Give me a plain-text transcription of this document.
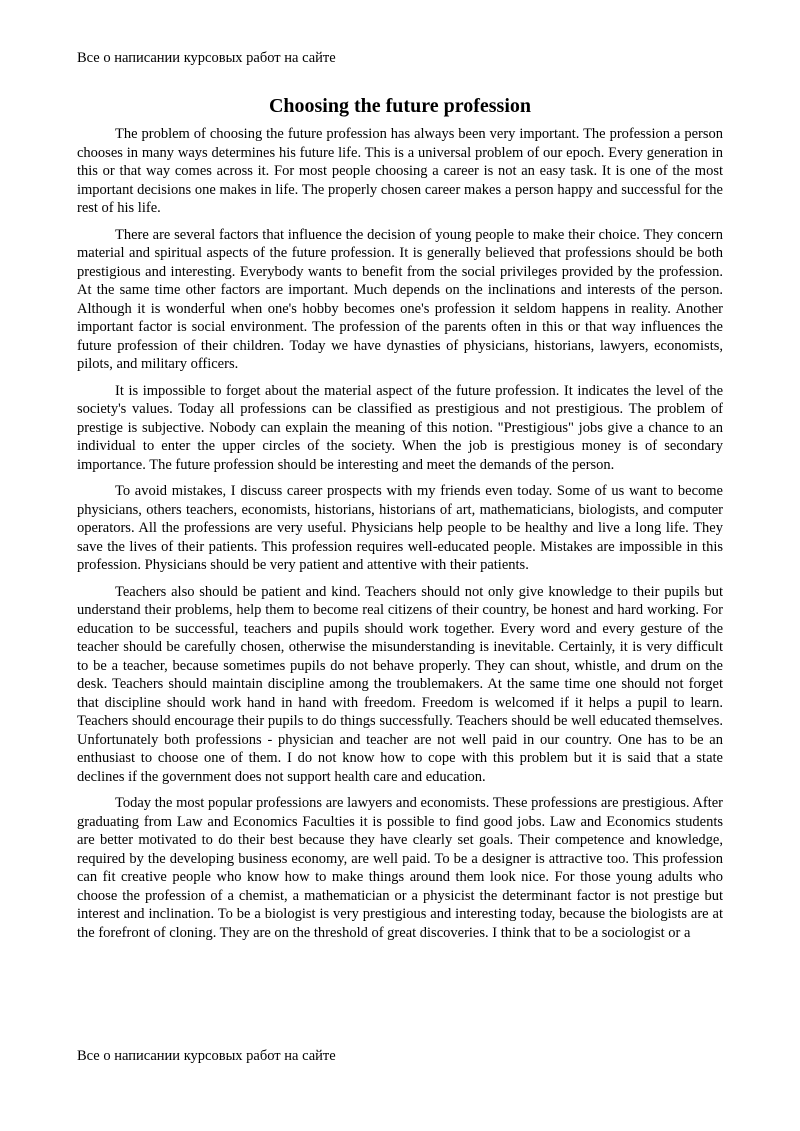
Все о написании курсовых работ на сайте
Choosing the future profession

The problem of choosing the future profession has always been very important. The profession a person chooses in many ways determines his future life. This is a universal problem of our epoch. Every generation in this or that way comes across it. For most people choosing a career is not an easy task. It is one of the most important decisions one makes in life. The properly chosen career makes a person happy and successful for the rest of his life.

There are several factors that influence the decision of young people to make their choice. They concern material and spiritual aspects of the future profession. It is generally believed that professions should be both prestigious and interesting. Everybody wants to benefit from the social privileges provided by the profession. At the same time other factors are important. Much depends on the inclinations and interests of the person. Although it is wonderful when one's hobby becomes one's profession it seldom happens in reality. Another important factor is social environment. The profession of the parents often in this or that way influences the future profession of their children. Today we have dynasties of physicians, historians, lawyers, economists, pilots, and military officers.

It is impossible to forget about the material aspect of the future profession. It indicates the level of the society's values. Today all professions can be classified as prestigious and not prestigious. The problem of prestige is subjective. Nobody can explain the meaning of this notion. "Prestigious" jobs give a chance to an individual to enter the upper circles of the society. When the job is prestigious money is of secondary importance. The future profession should be interesting and meet the demands of the person.

To avoid mistakes, I discuss career prospects with my friends even today. Some of us want to become physicians, others teachers, economists, historians, historians of art, mathematicians, biologists, and computer operators. All the professions are very useful. Physicians help people to be healthy and live a long life. They save the lives of their patients. This profession requires well-educated people. Mistakes are impossible in this profession. Physicians should be very patient and attentive with their patients.

Teachers also should be patient and kind. Teachers should not only give knowledge to their pupils but understand their problems, help them to become real citizens of their country, be honest and hard working. For education to be successful, teachers and pupils should work together. Every word and every gesture of the teacher should be carefully chosen, otherwise the misunderstanding is inevitable. Certainly, it is very difficult to be a teacher, because sometimes pupils do not behave properly. They can shout, whistle, and drum on the desk. Teachers should maintain discipline among the troublemakers. At the same time one should not forget that discipline should work hand in hand with freedom. Freedom is welcomed if it helps a pupil to learn. Teachers should encourage their pupils to do things successfully. Teachers should be well educated themselves. Unfortunately both professions - physician and teacher are not well paid in our country. One has to be an enthusiast to choose one of them. I do not know how to cope with this problem but it is said that a state declines if the government does not support health care and education.

Today the most popular professions are lawyers and economists. These professions are prestigious. After graduating from Law and Economics Faculties it is possible to find good jobs. Law and Economics students are better motivated to do their best because they have clearly set goals. Their competence and knowledge, required by the developing business economy, are well paid. To be a designer is attractive too. This profession can fit creative people who know how to make things around them look nice. For those young adults who choose the profession of a chemist, a mathematician or a physicist the determinant factor is not prestige but interest and inclination. To be a biologist is very prestigious and interesting today, because the biologists are at the forefront of cloning. They are on the threshold of great discoveries. I think that to be a sociologist or a

Все о написании курсовых работ на сайте
